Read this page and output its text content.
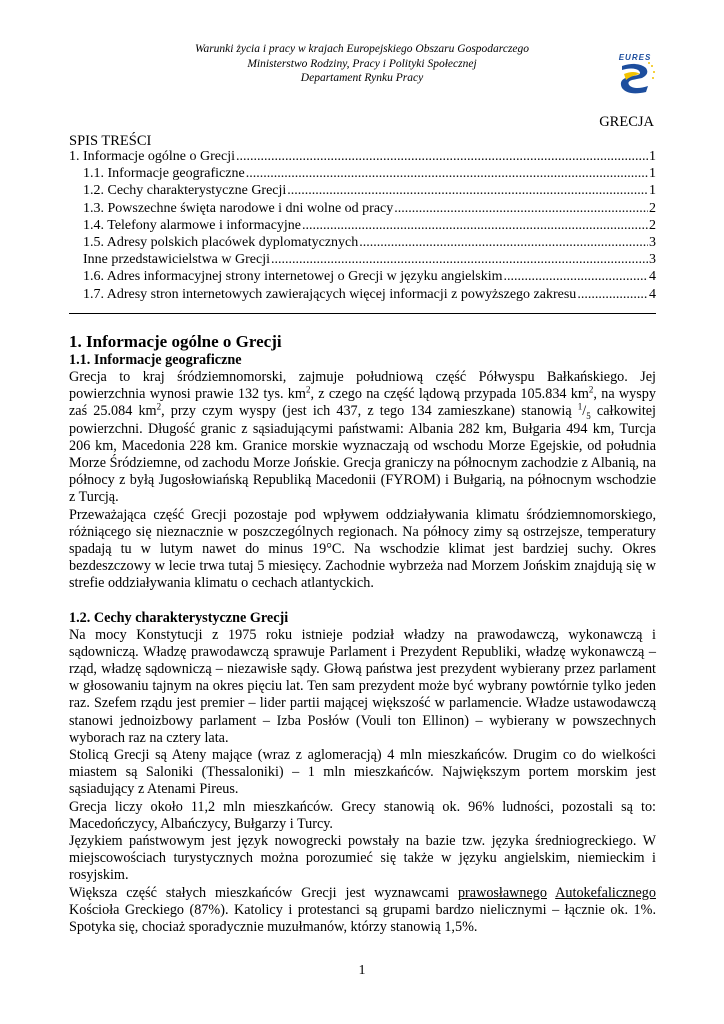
Warunki życia i pracy w krajach Europejskiego Obszaru Gospodarczego
Ministerstwo Rodziny, Pracy i Polityki Społecznej
Departament Rynku Pracy
EURES
GRECJA
SPIS TREŚCI
1. Informacje ogólne o Grecji .....	1
1.1. Informacje geograficzne .....	1
1.2. Cechy charakterystyczne Grecji .....	1
1.3. Powszechne święta narodowe i dni wolne od pracy .....	2
1.4. Telefony alarmowe i informacyjne .....	2
1.5. Adresy polskich placówek dyplomatycznych .....	3
Inne przedstawicielstwa w Grecji .....	3
1.6. Adres informacyjnej strony internetowej o Grecji w języku angielskim .....	4
1.7. Adresy stron internetowych zawierających więcej informacji z powyższego zakresu .....	4
1. Informacje ogólne o Grecji
1.1. Informacje geograficzne

Grecja to kraj śródziemnomorski, zajmuje południową część Półwyspu Bałkańskiego. Jej powierzchnia wynosi prawie 132 tys. $km^2$, z czego na część lądową przypada 105.834 $km^2$, na wyspy zaś 25.084 $km^2$, przy czym wyspy (jest ich 437, z tego 134 zamieszkane) stanowią $^1/_5$ całkowitej powierzchni. Długość granic z sąsiadującymi państwami: Albania 282 km, Bułgaria 494 km, Turcja 206 km, Macedonia 228 km. Granice morskie wyznaczają od wschodu Morze Egejskie, od południa Morze Śródziemne, od zachodu Morze Jońskie. Grecja graniczy na północnym zachodzie z Albanią, na północy z byłą Jugosłowiańską Republiką Macedonii (FYROM) i Bułgarią, na północnym wschodzie z Turcją.

Przeważająca część Grecji pozostaje pod wpływem oddziaływania klimatu śródziemnomorskiego, różniącego się nieznacznie w poszczególnych regionach. Na północy zimy są ostrzejsze, temperatury spadają tu w lutym nawet do minus 19°C. Na wschodzie klimat jest bardziej suchy. Okres bezdeszczowy w lecie trwa tutaj 5 miesięcy. Zachodnie wybrzeża nad Morzem Jońskim znajdują się w strefie oddziaływania klimatu o cechach atlantyckich.

1.2. Cechy charakterystyczne Grecji

Na mocy Konstytucji z 1975 roku istnieje podział władzy na prawodawczą, wykonawczą i sądowniczą. Władzę prawodawczą sprawuje Parlament i Prezydent Republiki, władzę wykonawczą – rząd, władzę sądowniczą – niezawisłe sądy. Głową państwa jest prezydent wybierany przez parlament w głosowaniu tajnym na okres pięciu lat. Ten sam prezydent może być wybrany powtórnie tylko jeden raz. Szefem rządu jest premier – lider partii mającej większość w parlamencie. Władze ustawodawczą stanowi jednoizbowy parlament – Izba Posłów (Vouli ton Ellinon) – wybierany w powszechnych wyborach raz na cztery lata.

Stolicą Grecji są Ateny mające (wraz z aglomeracją) 4 mln mieszkańców. Drugim co do wielkości miastem są Saloniki (Thessaloniki) – 1 mln mieszkańców. Największym portem morskim jest sąsiadujący z Atenami Pireus.

Grecja liczy około 11,2 mln mieszkańców. Grecy stanowią ok. 96% ludności, pozostali są to: Macedończycy, Albańczycy, Bułgarzy i Turcy.

Językiem państwowym jest język nowogrecki powstały na bazie tzw. języka średniogreckiego. W miejscowościach turystycznych można porozumieć się także w języku angielskim, niemieckim i rosyjskim.

Większa część stałych mieszkańców Grecji jest wyznawcami prawosławnego Autokefalicznego Kościoła Greckiego (87%). Katolicy i protestanci są grupami bardzo nielicznymi – łącznie ok. 1%. Spotyka się, chociaż sporadycznie muzułmanów, którzy stanowią 1,5%.

1
